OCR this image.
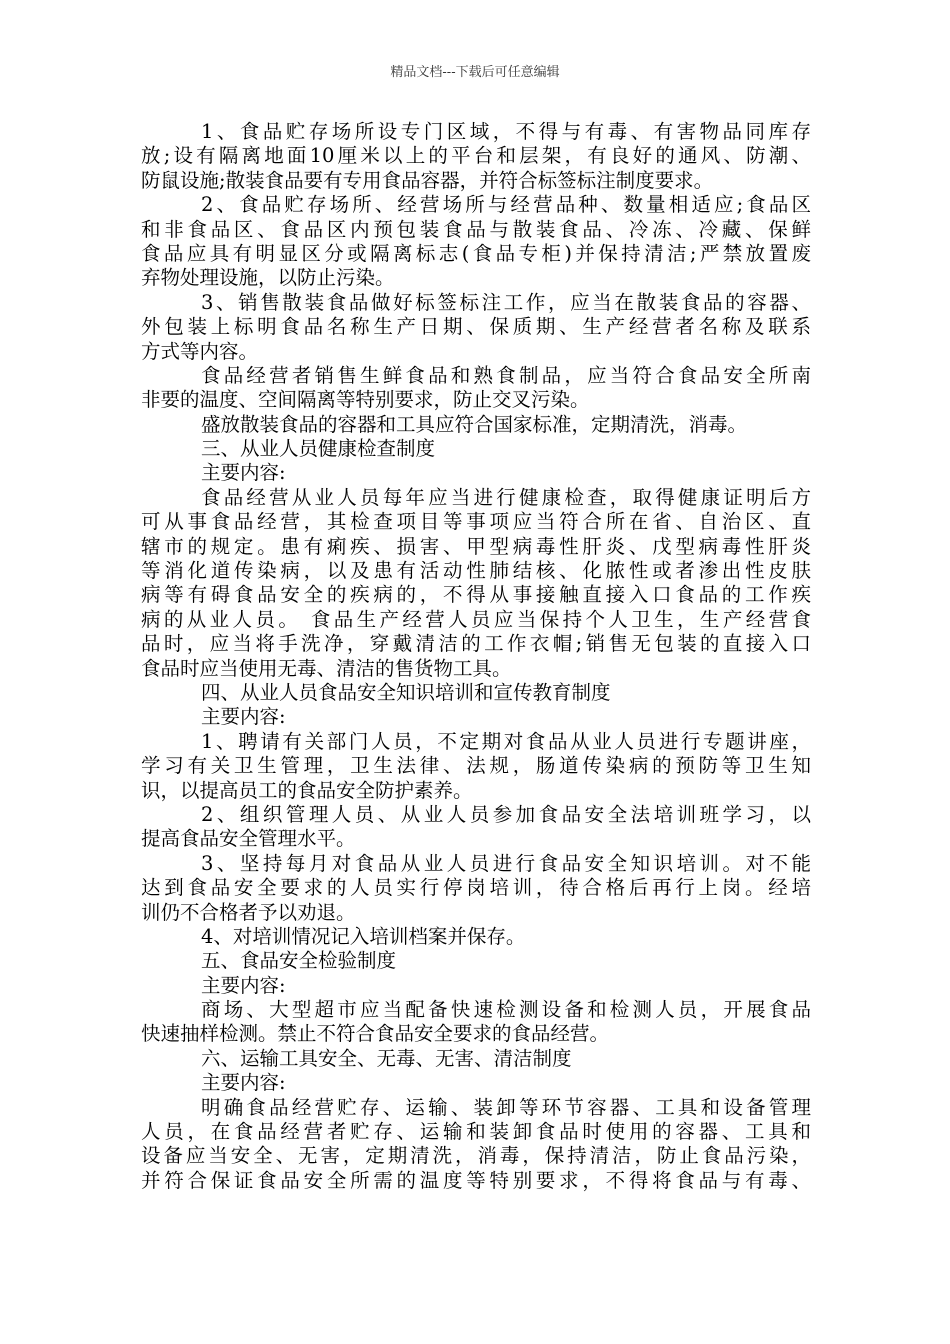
精品文档---下载后可任意编辑
1、食品贮存场所设专门区域，不得与有毒、有害物品同库存
放;设有隔离地面10厘米以上的平台和层架，有良好的通风、防潮、
防鼠设施;散装食品要有专用食品容器，并符合标签标注制度要求。
2、食品贮存场所、经营场所与经营品种、数量相适应;食品区
和非食品区、食品区内预包装食品与散装食品、冷冻、冷藏、保鲜
食品应具有明显区分或隔离标志(食品专柜)并保持清洁;严禁放置废
弃物处理设施，以防止污染。
3、销售散装食品做好标签标注工作，应当在散装食品的容器、
外包装上标明食品名称生产日期、保质期、生产经营者名称及联系
方式等内容。
食品经营者销售生鲜食品和熟食制品，应当符合食品安全所南
非要的温度、空间隔离等特别要求，防止交叉污染。
盛放散装食品的容器和工具应符合国家标准，定期清洗，消毒。
三、从业人员健康检查制度
主要内容:
食品经营从业人员每年应当进行健康检查，取得健康证明后方
可从事食品经营，其检查项目等事项应当符合所在省、自治区、直
辖市的规定。患有痢疾、损害、甲型病毒性肝炎、戊型病毒性肝炎
等消化道传染病，以及患有活动性肺结核、化脓性或者渗出性皮肤
病等有碍食品安全的疾病的，不得从事接触直接入口食品的工作疾
病的从业人员。 食品生产经营人员应当保持个人卫生，生产经营食
品时，应当将手洗净，穿戴清洁的工作衣帽;销售无包装的直接入口
食品时应当使用无毒、清洁的售货物工具。
四、从业人员食品安全知识培训和宣传教育制度
主要内容:
1、聘请有关部门人员，不定期对食品从业人员进行专题讲座，
学习有关卫生管理，卫生法律、法规，肠道传染病的预防等卫生知
识，以提高员工的食品安全防护素养。
2、组织管理人员、从业人员参加食品安全法培训班学习，以
提高食品安全管理水平。
3、坚持每月对食品从业人员进行食品安全知识培训。对不能
达到食品安全要求的人员实行停岗培训，待合格后再行上岗。经培
训仍不合格者予以劝退。
4、对培训情况记入培训档案并保存。
五、食品安全检验制度
主要内容:
商场、大型超市应当配备快速检测设备和检测人员，开展食品
快速抽样检测。禁止不符合食品安全要求的食品经营。
六、运输工具安全、无毒、无害、清洁制度
主要内容:
明确食品经营贮存、运输、装卸等环节容器、工具和设备管理
人员，在食品经营者贮存、运输和装卸食品时使用的容器、工具和
设备应当安全、无害，定期清洗，消毒，保持清洁，防止食品污染，
并符合保证食品安全所需的温度等特别要求，不得将食品与有毒、
